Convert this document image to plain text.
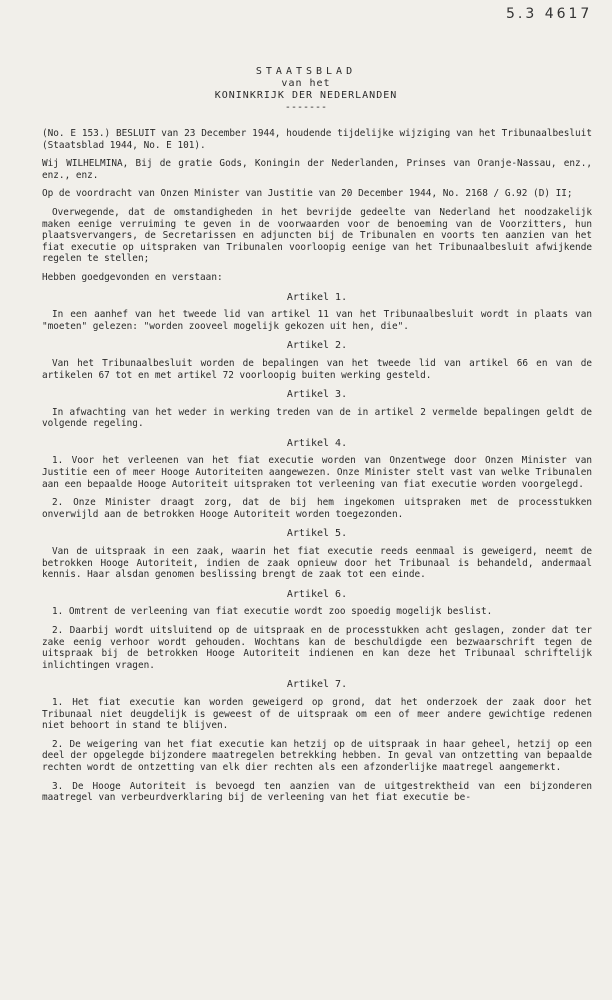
5.3 4617
STAATSBLAD
van het
KONINKRIJK DER NEDERLANDEN
-------

(No. E 153.) BESLUIT van 23 December 1944, houdende tijdelijke wijziging van het Tribunaalbesluit (Staatsblad 1944, No. E 101).

Wij WILHELMINA, Bij de gratie Gods, Koningin der Nederlanden, Prinses van Oranje-Nassau, enz., enz., enz.

Op de voordracht van Onzen Minister van Justitie van 20 December 1944, No. 2168 / G.92 (D) II;

Overwegende, dat de omstandigheden in het bevrijde gedeelte van Nederland het noodzakelijk maken eenige verruiming te geven in de voorwaarden voor de benoeming van de Voorzitters, hun plaatsvervangers, de Secretarissen en adjuncten bij de Tribunalen en voorts ten aanzien van het fiat executie op uitspraken van Tribunalen voorloopig eenige van het Tribunaalbesluit afwijkende regelen te stellen;

Hebben goedgevonden en verstaan:

Artikel 1.

In een aanhef van het tweede lid van artikel 11 van het Tribunaalbesluit wordt in plaats van "moeten" gelezen: "worden zooveel mogelijk gekozen uit hen, die".

Artikel 2.

Van het Tribunaalbesluit worden de bepalingen van het tweede lid van artikel 66 en van de artikelen 67 tot en met artikel 72 voorloopig buiten werking gesteld.

Artikel 3.

In afwachting van het weder in werking treden van de in artikel 2 vermelde bepalingen geldt de volgende regeling.

Artikel 4.

1. Voor het verleenen van het fiat executie worden van Onzentwege door Onzen Minister van Justitie een of meer Hooge Autoriteiten aangewezen. Onze Minister stelt vast van welke Tribunalen aan een bepaalde Hooge Autoriteit uitspraken tot verleening van fiat executie worden voorgelegd.

2. Onze Minister draagt zorg, dat de bij hem ingekomen uitspraken met de processtukken onverwijld aan de betrokken Hooge Autoriteit worden toegezonden.

Artikel 5.

Van de uitspraak in een zaak, waarin het fiat executie reeds eenmaal is geweigerd, neemt de betrokken Hooge Autoriteit, indien de zaak opnieuw door het Tribunaal is behandeld, andermaal kennis. Haar alsdan genomen beslissing brengt de zaak tot een einde.

Artikel 6.

1. Omtrent de verleening van fiat executie wordt zoo spoedig mogelijk beslist.

2. Daarbij wordt uitsluitend op de uitspraak en de processtukken acht geslagen, zonder dat ter zake eenig verhoor wordt gehouden. Wochtans kan de beschuldigde een bezwaarschrift tegen de uitspraak bij de betrokken Hooge Autoriteit indienen en kan deze het Tribunaal schriftelijk inlichtingen vragen.

Artikel 7.

1. Het fiat executie kan worden geweigerd op grond, dat het onderzoek der zaak door het Tribunaal niet deugdelijk is geweest of de uitspraak om een of meer andere gewichtige redenen niet behoort in stand te blijven.

2. De weigering van het fiat executie kan hetzij op de uitspraak in haar geheel, hetzij op een deel der opgelegde bijzondere maatregelen betrekking hebben. In geval van ontzetting van bepaalde rechten wordt de ontzetting van elk dier rechten als een afzonderlijke maatregel aangemerkt.

3. De Hooge Autoriteit is bevoegd ten aanzien van de uitgestrektheid van een bijzonderen maatregel van verbeurdverklaring bij de verleening van het fiat executie be-
